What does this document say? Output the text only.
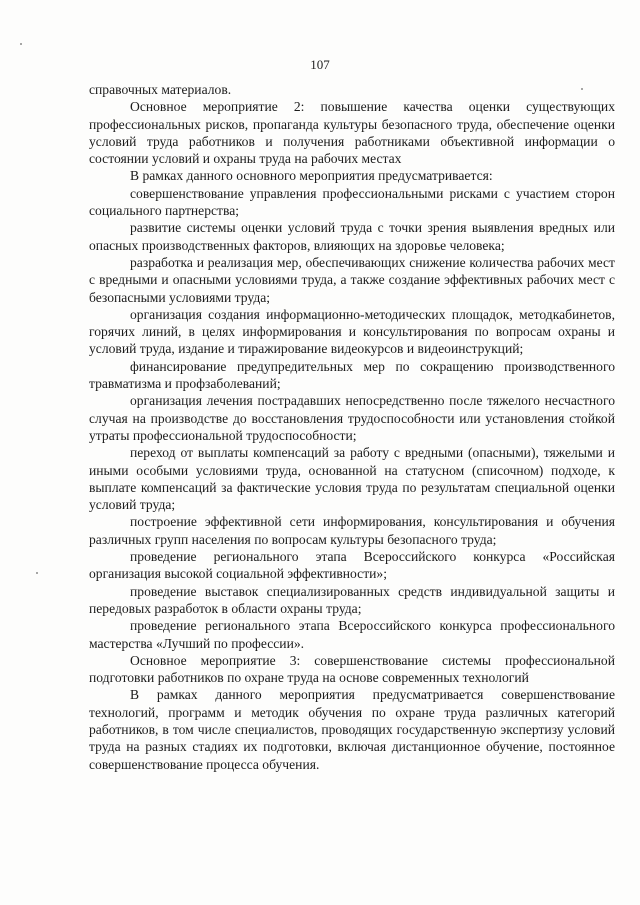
107

справочных материалов.

Основное мероприятие 2: повышение качества оценки существующих профессиональных рисков, пропаганда культуры безопасного труда, обеспечение оценки условий труда работников и получения работниками объективной информации о состоянии условий и охраны труда на рабочих местах

В рамках данного основного мероприятия предусматривается:

совершенствование управления профессиональными рисками с участием сторон социального партнерства;

развитие системы оценки условий труда с точки зрения выявления вредных или опасных производственных факторов, влияющих на здоровье человека;

разработка и реализация мер, обеспечивающих снижение количества рабочих мест с вредными и опасными условиями труда, а также создание эффективных рабочих мест с безопасными условиями труда;

организация создания информационно-методических площадок, методкабинетов, горячих линий, в целях информирования и консультирования по вопросам охраны и условий труда, издание и тиражирование видеокурсов и видеоинструкций;

финансирование предупредительных мер по сокращению производственного травматизма и профзаболеваний;

организация лечения пострадавших непосредственно после тяжелого несчастного случая на производстве до восстановления трудоспособности или установления стойкой утраты профессиональной трудоспособности;

переход от выплаты компенсаций за работу с вредными (опасными), тяжелыми и иными особыми условиями труда, основанной на статусном (списочном) подходе, к выплате компенсаций за фактические условия труда по результатам специальной оценки условий труда;

построение эффективной сети информирования, консультирования и обучения различных групп населения по вопросам культуры безопасного труда;

проведение регионального этапа Всероссийского конкурса «Российская организация высокой социальной эффективности»;

проведение выставок специализированных средств индивидуальной защиты и передовых разработок в области охраны труда;

проведение регионального этапа Всероссийского конкурса профессионального мастерства «Лучший по профессии».

Основное мероприятие 3: совершенствование системы профессиональной подготовки работников по охране труда на основе современных технологий

В рамках данного мероприятия предусматривается совершенствование технологий, программ и методик обучения по охране труда различных категорий работников, в том числе специалистов, проводящих государственную экспертизу условий труда на разных стадиях их подготовки, включая дистанционное обучение, постоянное совершенствование процесса обучения.
